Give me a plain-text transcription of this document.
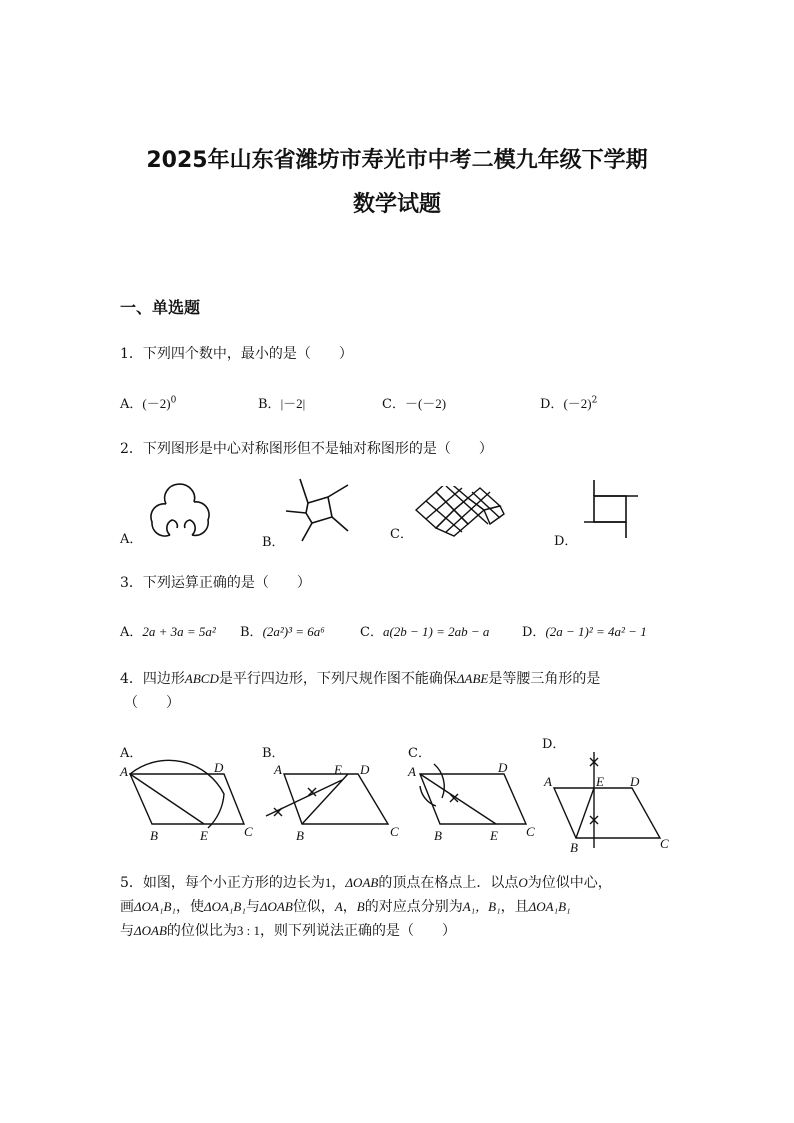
2025年山东省潍坊市寿光市中考二模九年级下学期
数学试题
一、单选题
1．下列四个数中，最小的是（　　）
A．$(-2)^0$	B．|－2|	C．－(－2)	D．$(-2)^2$
2．下列图形是中心对称图形但不是轴对称图形的是（　　）
A．	B．
C．	D．
3．下列运算正确的是（　　）
A．2a + 3a = 5a² B．(2a²)³ = 6a⁶	C．a(2b − 1) = 2ab − a	D．(2a − 1)² = 4a² − 1
4．四边形ABCD是平行四边形，下列尺规作图不能确保ΔABE是等腰三角形的是
（　　）
A．	B．	C．
D．
A	D
B	E	C
A	E D
B	C
A	D
B	E C
A	E D
B	C
5．如图，每个小正方形的边长为1，ΔOAB的顶点在格点上．以点O为位似中心，
画ΔOA₁B₁，使ΔOA₁B₁与ΔOAB位似，A，B的对应点分别为A₁，B₁，且ΔOA₁B₁
与ΔOAB的位似比为3 : 1，则下列说法正确的是（　　）
